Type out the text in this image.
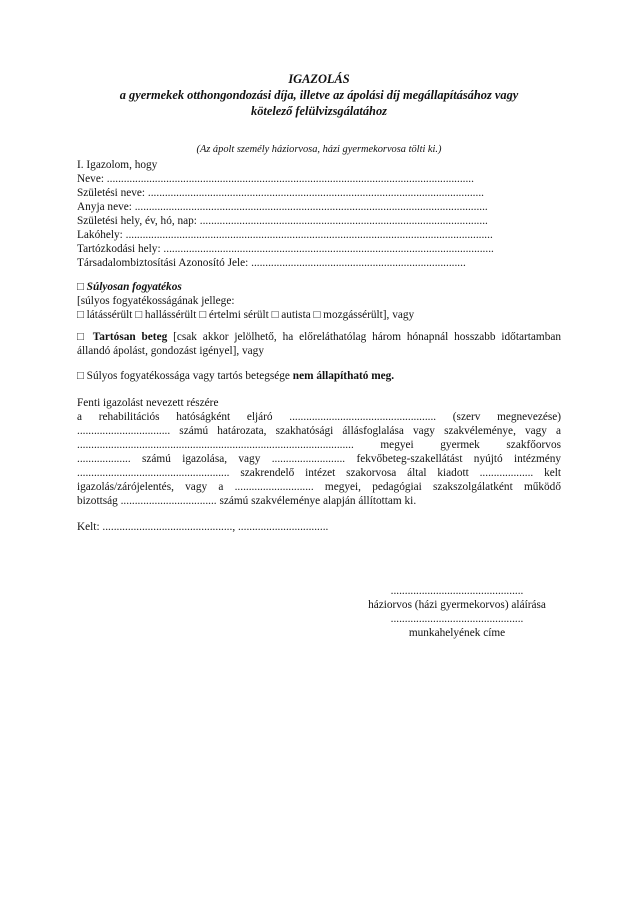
IGAZOLÁS
a gyermekek otthongondozási díja, illetve az ápolási díj megállapításához vagy
kötelező felülvizsgálatához
(Az ápolt személy háziorvosa, házi gyermekorvosa tölti ki.)
I. Igazolom, hogy
Neve: ..................................................................................................................................
Születési neve: .......................................................................................................................
Anyja neve: .............................................................................................................................
Születési hely, év, hó, nap: ......................................................................................................
Lakóhely: ..................................................................................................................................
Tartózkodási hely: .....................................................................................................................
Társadalombiztosítási Azonosító Jele: ............................................................................
□ Súlyosan fogyatékos
[súlyos fogyatékosságának jellege:
□ látássérült □ hallássérült □ értelmi sérült □ autista □ mozgássérült], vagy
□ Tartósan beteg [csak akkor jelölhető, ha előreláthatólag három hónapnál hosszabb időtartamban
állandó ápolást, gondozást igényel], vagy
□ Súlyos fogyatékossága vagy tartós betegsége nem állapítható meg.
Fenti igazolást nevezett részére
a rehabilitációs hatóságként eljáró .................................................... (szerv megnevezése)
................................. számú határozata, szakhatósági állásfoglalása vagy szakvéleménye, vagy a
.................................................................................................. megyei gyermek szakfőorvos
................... számú igazolása, vagy .......................... fekvőbeteg-szakellátást nyújtó intézmény
...................................................... szakrendelő intézet szakorvosa által kiadott ................... kelt
igazolás/zárójelentés, vagy a ............................ megyei, pedagógiai szakszolgálatként működő
bizottság .................................. számú szakvéleménye alapján állítottam ki.
Kelt: .............................................., ................................
...............................................
háziorvos (házi gyermekorvos) aláírása
...............................................
munkahelyének címe
